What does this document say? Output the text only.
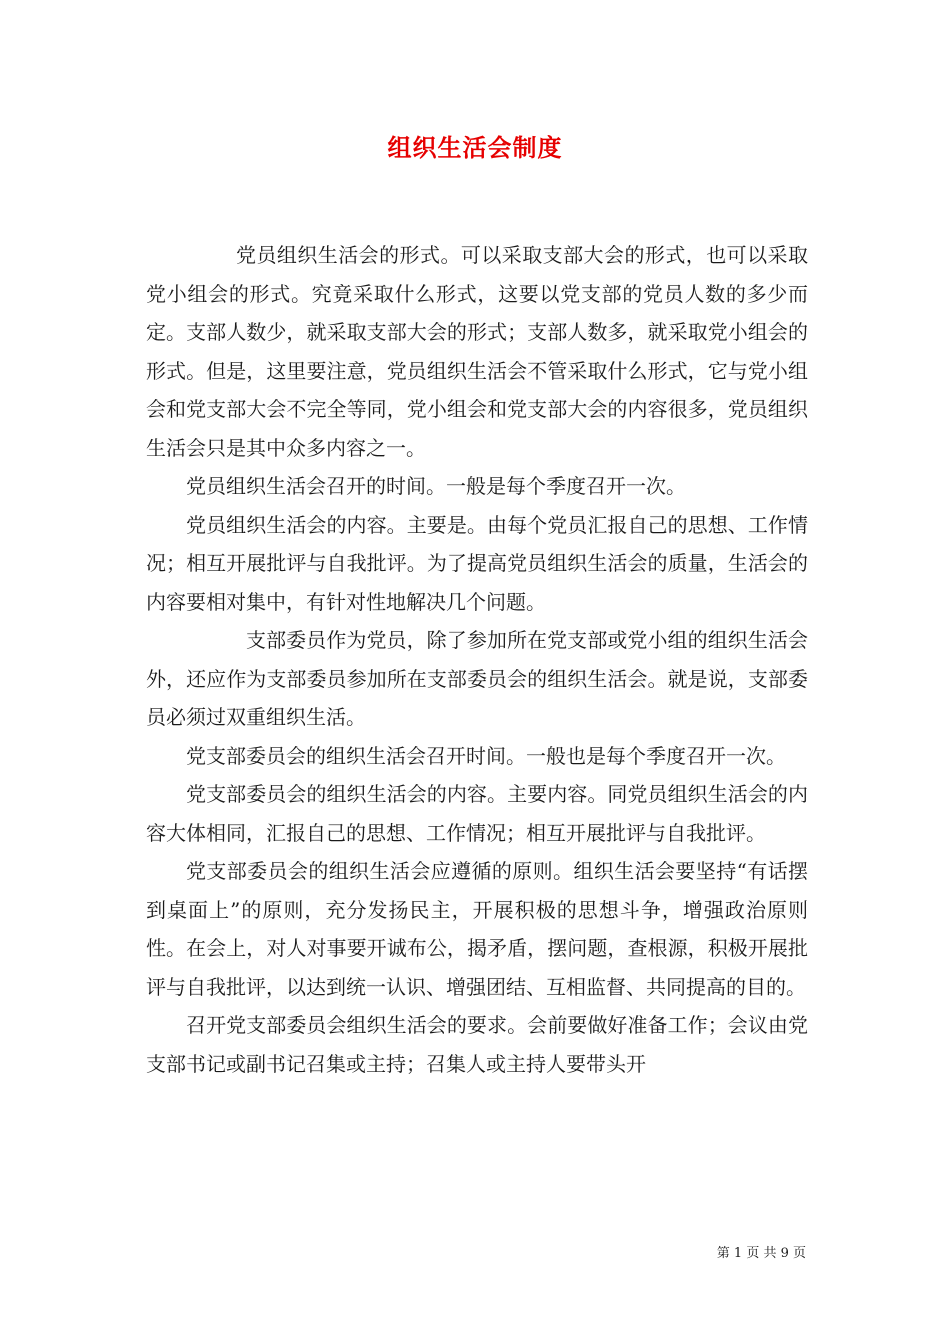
组织生活会制度

党员组织生活会的形式。可以采取支部大会的形式，也可以采取党小组会的形式。究竟采取什么形式，这要以党支部的党员人数的多少而定。支部人数少，就采取支部大会的形式；支部人数多，就采取党小组会的形式。但是，这里要注意，党员组织生活会不管采取什么形式，它与党小组会和党支部大会不完全等同，党小组会和党支部大会的内容很多，党员组织生活会只是其中众多内容之一。

党员组织生活会召开的时间。一般是每个季度召开一次。

党员组织生活会的内容。主要是。由每个党员汇报自己的思想、工作情况；相互开展批评与自我批评。为了提高党员组织生活会的质量，生活会的内容要相对集中，有针对性地解决几个问题。

支部委员作为党员，除了参加所在党支部或党小组的组织生活会外，还应作为支部委员参加所在支部委员会的组织生活会。就是说，支部委员必须过双重组织生活。

党支部委员会的组织生活会召开时间。一般也是每个季度召开一次。

党支部委员会的组织生活会的内容。主要内容。同党员组织生活会的内容大体相同，汇报自己的思想、工作情况；相互开展批评与自我批评。

党支部委员会的组织生活会应遵循的原则。组织生活会要坚持“有话摆到桌面上”的原则，充分发扬民主，开展积极的思想斗争，增强政治原则性。在会上，对人对事要开诚布公，揭矛盾，摆问题，查根源，积极开展批评与自我批评，以达到统一认识、增强团结、互相监督、共同提高的目的。

召开党支部委员会组织生活会的要求。会前要做好准备工作；会议由党支部书记或副书记召集或主持；召集人或主持人要带头开

第 1 页 共 9 页
